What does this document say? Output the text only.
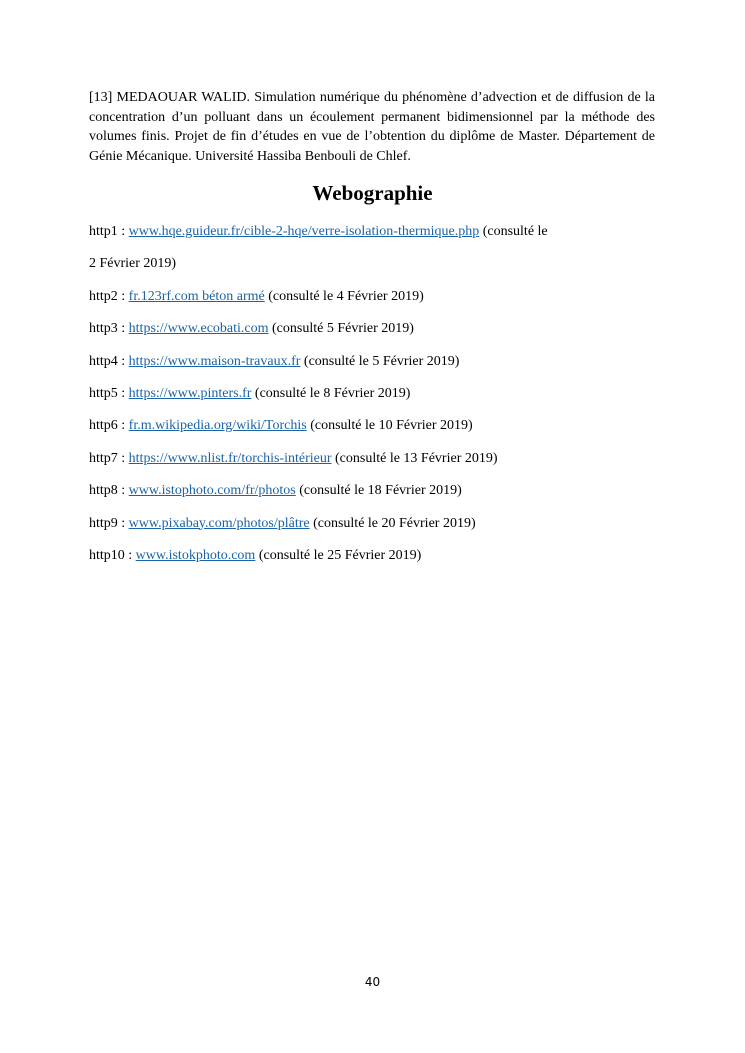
[13] MEDAOUAR WALID. Simulation numérique du phénomène d’advection et de diffusion de la concentration d’un polluant dans un écoulement permanent bidimensionnel par la méthode des volumes finis. Projet de fin d’études en vue de l’obtention du diplôme de Master. Département de Génie Mécanique. Université Hassiba Benbouli de Chlef.

Webographie
http1 : www.hqe.guideur.fr/cible-2-hqe/verre-isolation-thermique.php (consulté le
2 Février 2019)
http2 : fr.123rf.com béton armé (consulté le 4 Février 2019)
http3 : https://www.ecobati.com (consulté 5 Février 2019)
http4 : https://www.maison-travaux.fr (consulté le 5 Février 2019)
http5 : https://www.pinters.fr (consulté le 8 Février 2019)
http6 : fr.m.wikipedia.org/wiki/Torchis (consulté le 10 Février 2019)
http7 : https://www.nlist.fr/torchis-intérieur (consulté le 13 Février 2019)
http8 : www.istophoto.com/fr/photos (consulté le 18 Février 2019)
http9 : www.pixabay.com/photos/plâtre (consulté le 20 Février 2019)
http10 : www.istokphoto.com (consulté le 25 Février 2019)
40
